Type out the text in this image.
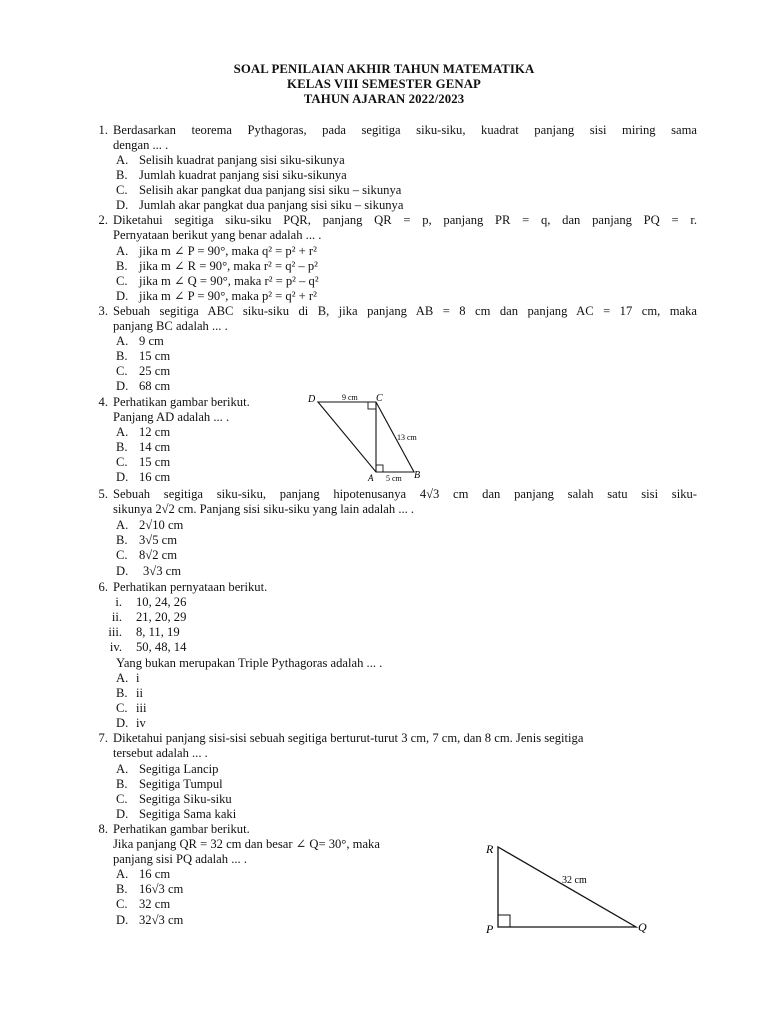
SOAL PENILAIAN AKHIR TAHUN MATEMATIKA
KELAS VIII SEMESTER GENAP
TAHUN AJARAN 2022/2023
1. Berdasarkan teorema Pythagoras, pada segitiga siku-siku, kuadrat panjang sisi miring sama
dengan ... .
A. Selisih kuadrat panjang sisi siku-sikunya
B. Jumlah kuadrat panjang sisi siku-sikunya
C. Selisih akar pangkat dua panjang sisi siku – sikunya
D. Jumlah akar pangkat dua panjang sisi siku – sikunya
2. Diketahui segitiga siku-siku PQR, panjang QR = p, panjang PR = q, dan panjang PQ = r.
Pernyataan berikut yang benar adalah ... .
A. jika m ∠ P = 90°, maka q² = p² + r²
B. jika m ∠ R = 90°, maka r² = q² – p²
C. jika m ∠ Q = 90°, maka r² = p² – q²
D. jika m ∠ P = 90°, maka p² = q² + r²
3. Sebuah segitiga ABC siku-siku di B, jika panjang AB = 8 cm dan panjang AC = 17 cm, maka
panjang BC adalah ... .
A. 9 cm
B. 15 cm
C. 25 cm
D. 68 cm
4. Perhatikan gambar berikut.
Panjang AD adalah ... .
A. 12 cm
B. 14 cm
C. 15 cm
D. 16 cm
D	C
A	B
9 cm
13 cm
5 cm
5. Sebuah segitiga siku-siku, panjang hipotenusanya 4√3 cm dan panjang salah satu sisi siku-
sikunya 2√2 cm. Panjang sisi siku-siku yang lain adalah ... .
A. 2√10 cm
B. 3√5 cm
C. 8√2 cm
D.	3√3 cm
6. Perhatikan pernyataan berikut.
i. 10, 24, 26
ii. 21, 20, 29
iii. 8, 11, 19
iv. 50, 48, 14
Yang bukan merupakan Triple Pythagoras adalah ... .
A. i
B. ii
C. iii
D. iv
7. Diketahui panjang sisi-sisi sebuah segitiga berturut-turut 3 cm, 7 cm, dan 8 cm. Jenis segitiga
tersebut adalah ... .
A. Segitiga Lancip
B. Segitiga Tumpul
C. Segitiga Siku-siku
D. Segitiga Sama kaki
8. Perhatikan gambar berikut.
Jika panjang QR = 32 cm dan besar ∠ Q= 30°, maka
panjang sisi PQ adalah ... .
A. 16 cm
B. 16√3 cm
C. 32 cm
D. 32√3 cm
R
P	Q
32 cm
